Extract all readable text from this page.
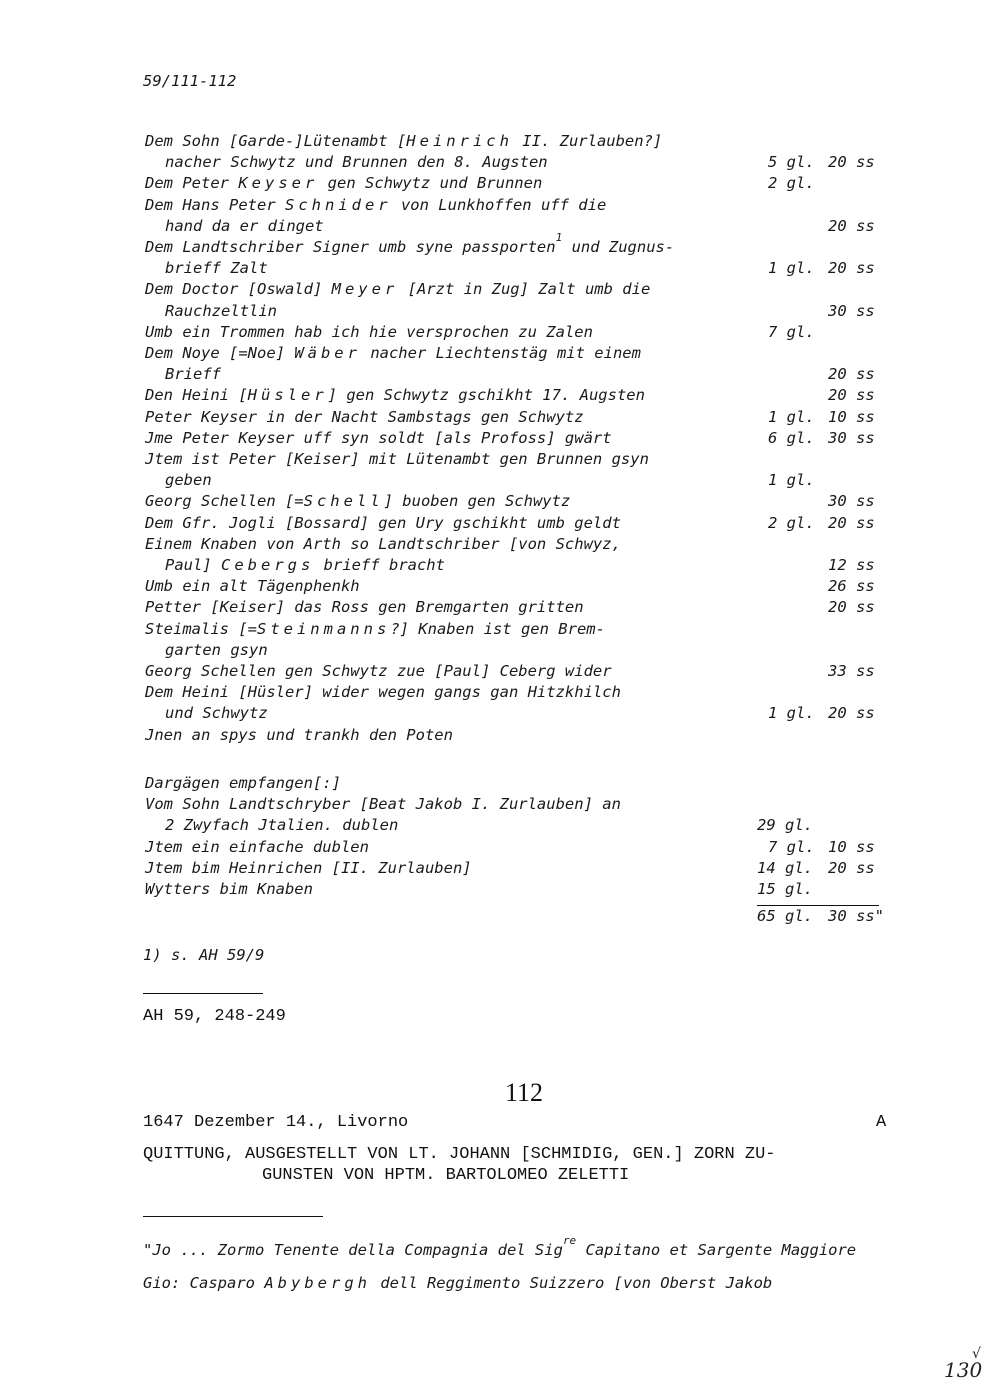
59/111-112
Dem Sohn [Garde-]Lütenambt [Heinrich II. Zurlauben?]
nacher Schwytz und Brunnen den 8. Augsten	5 gl. 20 ss
Dem Peter Keyser gen Schwytz und Brunnen	2 gl.
Dem Hans Peter Schnider von Lunkhoffen uff die
hand da er dinget	20 ss
Dem Landtschriber Signer umb syne passporten$^1$ und Zugnus-
brieff Zalt	1 gl. 20 ss
Dem Doctor [Oswald] Meyer [Arzt in Zug] Zalt umb die
Rauchzeltlin	30 ss
Umb ein Trommen hab ich hie versprochen zu Zalen	7 gl.
Dem Noye [=Noe] Wäber nacher Liechtenstäg mit einem
Brieff	20 ss
Den Heini [Hüsler] gen Schwytz gschikht 17. Augsten	20 ss
Peter Keyser in der Nacht Sambstags gen Schwytz	1 gl. 10 ss
Jme Peter Keyser uff syn soldt [als Profoss] gwärt	6 gl. 30 ss
Jtem ist Peter [Keiser] mit Lütenambt gen Brunnen gsyn
geben	1 gl.
Georg Schellen [=Schell] buoben gen Schwytz	30 ss
Dem Gfr. Jogli [Bossard] gen Ury gschikht umb geldt	2 gl. 20 ss
Einem Knaben von Arth so Landtschriber [von Schwyz,
Paul] Cebergs brieff bracht	12 ss
Umb ein alt Tägenphenkh	26 ss
Petter [Keiser] das Ross gen Bremgarten gritten	20 ss
Steimalis [=Steinmanns?] Knaben ist gen Brem-
garten gsyn
Georg Schellen gen Schwytz zue [Paul] Ceberg wider	33 ss
Dem Heini [Hüsler] wider wegen gangs gan Hitzkhilch
und Schwytz	1 gl. 20 ss
Jnen an spys und trankh den Poten
Dargägen empfangen[:]
Vom Sohn Landtschryber [Beat Jakob I. Zurlauben] an
2 Zwyfach Jtalien. dublen	29 gl.
Jtem ein einfache dublen	7 gl. 10 ss
Jtem bim Heinrichen [II. Zurlauben]	14 gl. 20 ss
Wytters bim Knaben	15 gl.
65 gl. 30 ss"
1) s. AH 59/9
AH 59, 248-249
112
1647 Dezember 14., Livorno	A
QUITTUNG, AUSGESTELLT VON LT. JOHANN [SCHMIDIG, GEN.] ZORN ZU-
GUNSTEN VON HPTM. BARTOLOMEO ZELETTI
"Jo ... Zormo Tenente della Compagnia del Sig$^{re}$ Capitano et Sargente Maggiore
Gio: Casparo Abybergh dell Reggimento Suizzero [von Oberst Jakob
√
130
